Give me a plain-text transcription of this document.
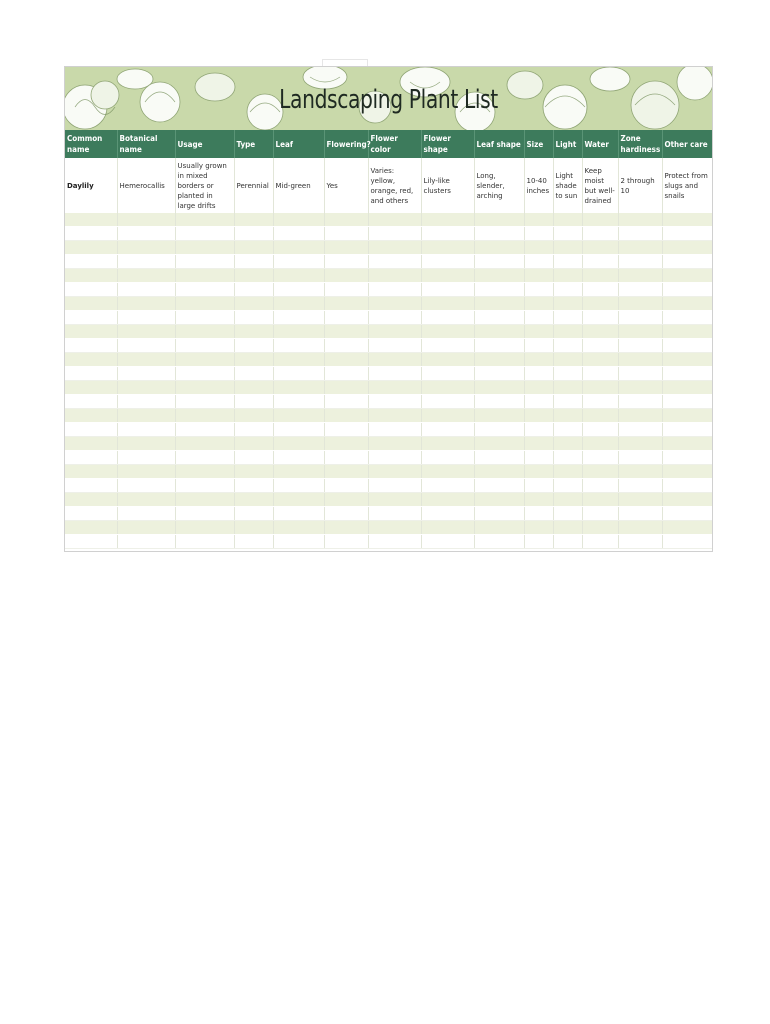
Landscaping Plant List
Common name	Botanical name	Usage	Type	Leaf	Flowering?	Flower color	Flower shape	Leaf shape	Size	Light	Water	Zone hardiness	Other care
Daylily	Hemerocallis	Usually grown in mixed borders or planted in large drifts	Perennial	Mid-green	Yes	Varies: yellow, orange, red, and others	Lily-like clusters	Long, slender, arching	10-40 inches	Light shade to sun	Keep moist but well-drained	2 through 10	Protect from slugs and snails
